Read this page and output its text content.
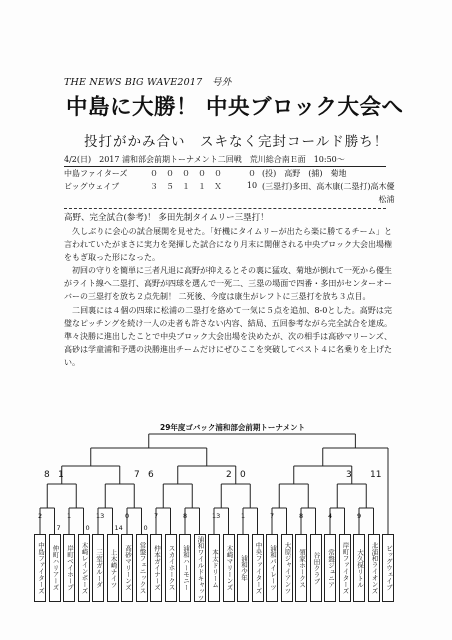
THE NEWS BIG WAVE2017　号外
中島に大勝！ 中央ブロック大会へ
投打がかみ合い　スキなく完封コールド勝ち！
4/2(日)　2017 浦和部会前期トーナメント二回戦　荒川総合南Ｅ面　10:50～
中島ファイターズ	０　０　０　０　０	０	(投)　高野　(捕)　菊地
ビッグウェイブ	３　５　１　１　Ｘ	10	(三塁打)多田、高木康(二塁打)高木優
			松浦
高野、完全試合(参考)！ 多田先制タイムリー三塁打！

久しぶりに会心の試合展開を見せた。「好機にタイムリーが出たら楽に勝てるチーム」と言われていたがまさに実力を発揮した試合になり月末に開催される中央ブロック大会出場権をもぎ取った形になった。

初回の守りを簡単に三者凡退に高野が抑えるとその裏に猛攻、菊地が倒れて一死から優生がライト線へ二塁打、高野が四球を選んで一死二、三塁の場面で四番・多田がセンターオーバーの三塁打を放ち２点先制！ 二死後、今度は康生がレフトに三塁打を放ち３点目。

二回裏には４個の四球に松浦の二塁打を絡めて一気に５点を追加、8-0とした。高野は完璧なピッチングを続け一人の走者も許さない内容、結局、五回参考ながら完全試合を達成。準々決勝に進出したことで中央ブロック大会出場を決めたが、次の相手は高砂マリーンズ、高砂は学童浦和予選の決勝進出チームだけにぜひここを突破してベスト４に名乗りを上げたい。

29年度ゴバック浦和部会前期トーナメント
中島ファイターズ	仲町ハリアーズ	岸町ベイホープ	木崎レインボーズ	三室ガルーダ	上木崎ナイツ	高砂マリーンズ	常盤フェニックス	仲本ガイナーズ	スカイホークス	浦和ハーモニー	浦和ワイルドキャッツ	本太ドリーム	木崎マリーンズ	浦和少年	中央ファイターズ	浦和パイレーツ	大原ジャイアンツ	領家ホークス	谷田クラブ	常盤ジュニア	岸町ファイターズ	大久保リトル	北浦和ライオンズ	ビッグウェイブ
8 1	7 6	2 0	3 11
2	1	13	0	7	8	13	1	7	8	4	9
7	0	14	0
